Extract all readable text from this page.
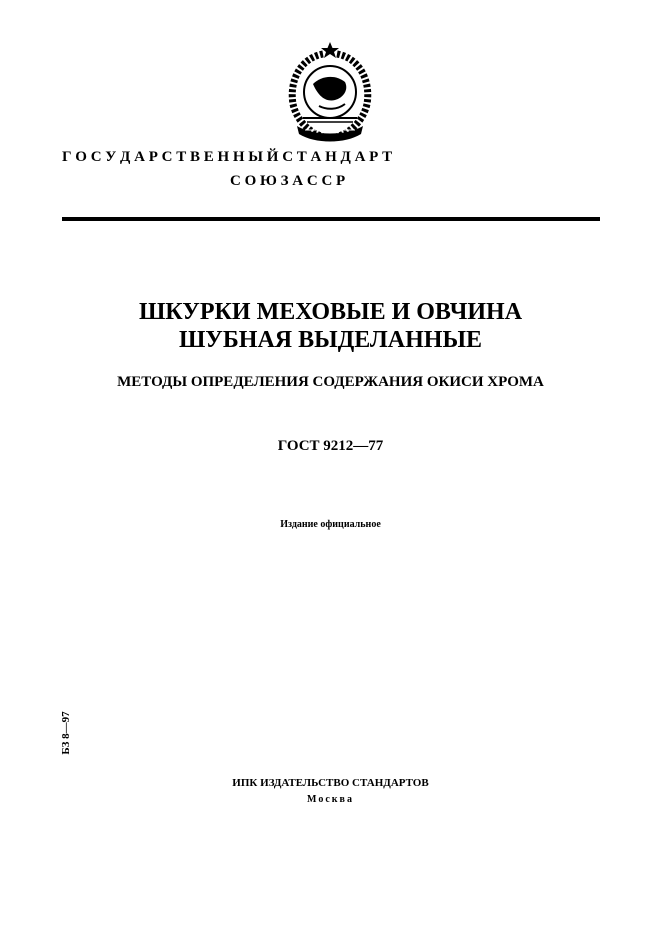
Г О С У Д А Р С Т В Е Н Н Ы Й С Т А Н Д А Р Т
С О Ю З А С С Р
ШКУРКИ МЕХОВЫЕ И ОВЧИНА
ШУБНАЯ ВЫДЕЛАННЫЕ
МЕТОДЫ ОПРЕДЕЛЕНИЯ СОДЕРЖАНИЯ ОКИСИ ХРОМА
ГОСТ 9212—77
Издание официальное
БЗ 8—97
ИПК ИЗДАТЕЛЬСТВО СТАНДАРТОВ
Москва
